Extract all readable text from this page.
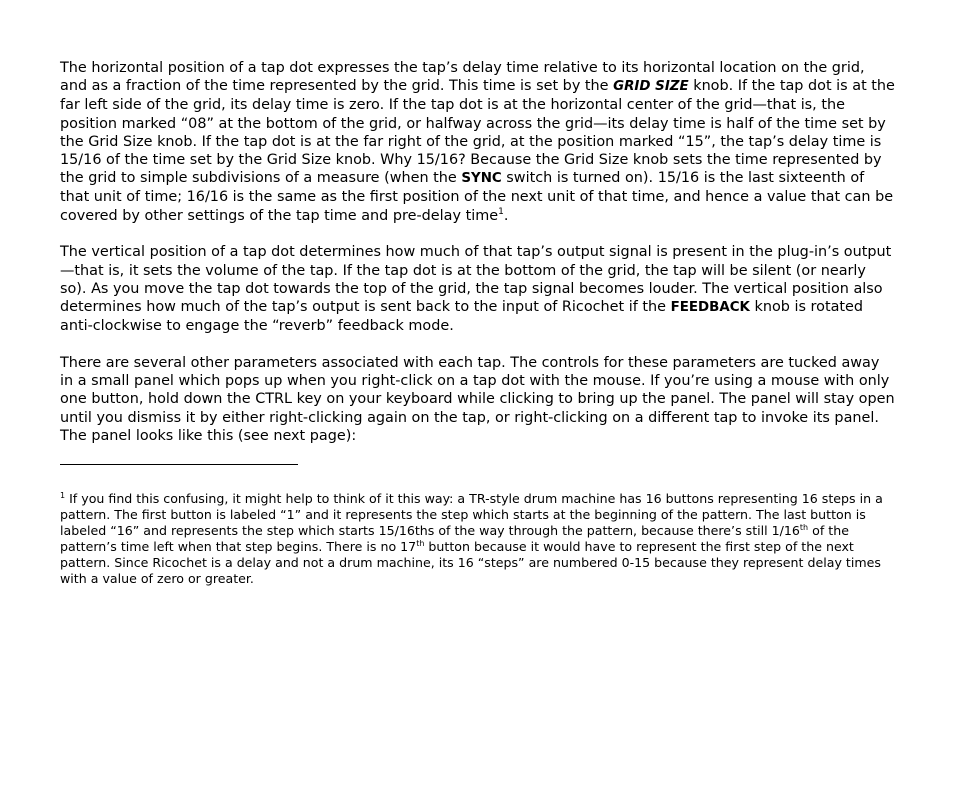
The horizontal position of a tap dot expresses the tap’s delay time relative to its horizontal location on the grid, and as a fraction of the time represented by the grid. This time is set by the GRID SIZE knob. If the tap dot is at the far left side of the grid, its delay time is zero. If the tap dot is at the horizontal center of the grid—that is, the position marked “08” at the bottom of the grid, or halfway across the grid—its delay time is half of the time set by the Grid Size knob. If the tap dot is at the far right of the grid, at the position marked “15”, the tap’s delay time is 15/16 of the time set by the Grid Size knob. Why 15/16? Because the Grid Size knob sets the time represented by the grid to simple subdivisions of a measure (when the SYNC switch is turned on). 15/16 is the last sixteenth of that unit of time; 16/16 is the same as the first position of the next unit of that time, and hence a value that can be covered by other settings of the tap time and pre-delay time$^1$.

The vertical position of a tap dot determines how much of that tap’s output signal is present in the plug-in’s output—that is, it sets the volume of the tap. If the tap dot is at the bottom of the grid, the tap will be silent (or nearly so). As you move the tap dot towards the top of the grid, the tap signal becomes louder. The vertical position also determines how much of the tap’s output is sent back to the input of Ricochet if the FEEDBACK knob is rotated anti-clockwise to engage the “reverb” feedback mode.

There are several other parameters associated with each tap. The controls for these parameters are tucked away in a small panel which pops up when you right-click on a tap dot with the mouse. If you’re using a mouse with only one button, hold down the CTRL key on your keyboard while clicking to bring up the panel. The panel will stay open until you dismiss it by either right-clicking again on the tap, or right-clicking on a different tap to invoke its panel. The panel looks like this (see next page):

$^1$ If you find this confusing, it might help to think of it this way: a TR-style drum machine has 16 buttons representing 16 steps in a pattern. The first button is labeled “1” and it represents the step which starts at the beginning of the pattern. The last button is labeled “16” and represents the step which starts 15/16ths of the way through the pattern, because there’s still 1/16th of the pattern’s time left when that step begins. There is no 17th button because it would have to represent the first step of the next pattern. Since Ricochet is a delay and not a drum machine, its 16 “steps” are numbered 0-15 because they represent delay times with a value of zero or greater.
